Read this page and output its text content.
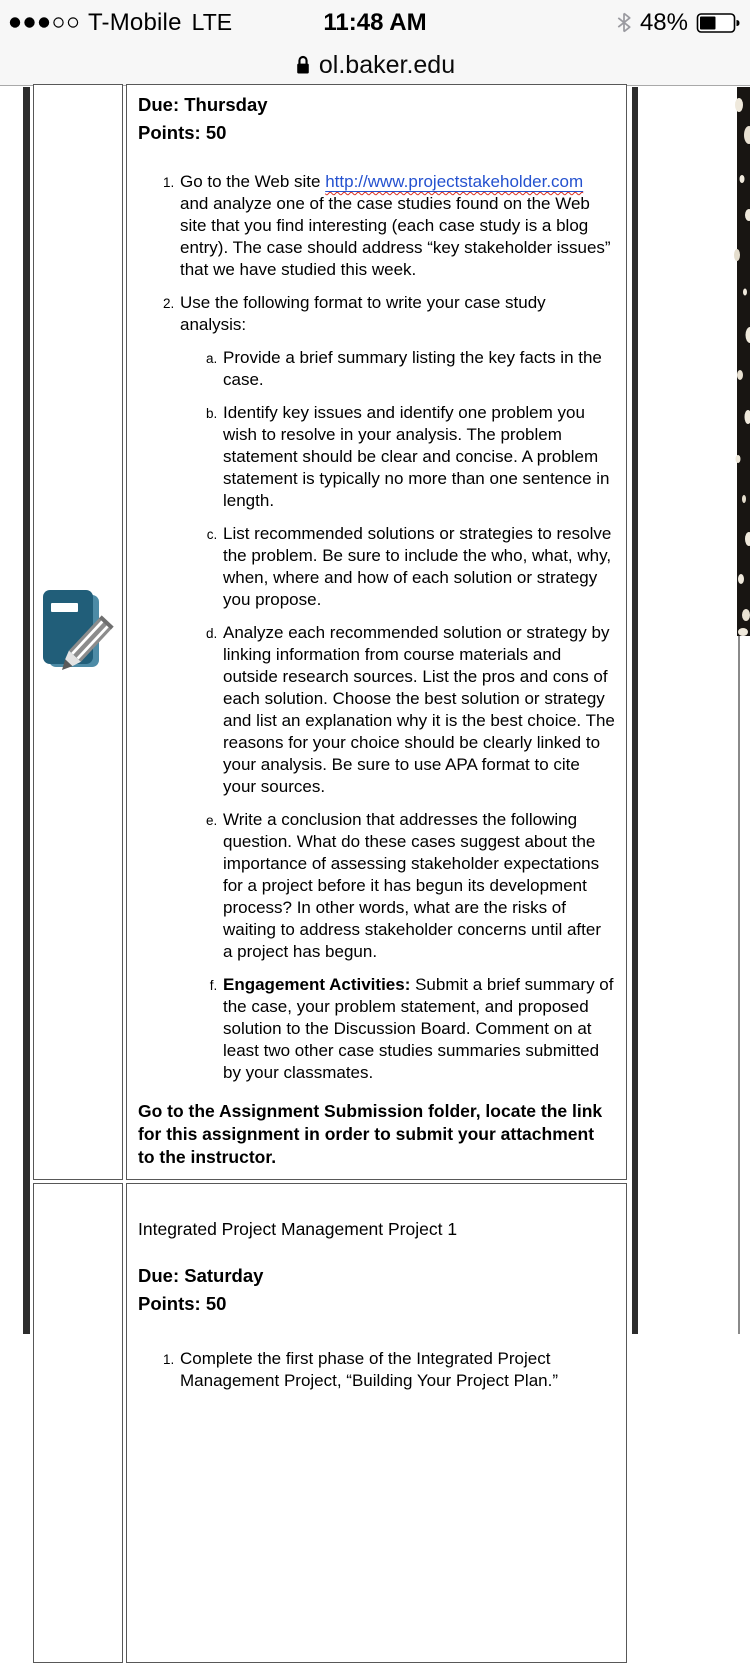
T-Mobile LTE	11:48 AM	48%
ol.baker.edu

Due: Thursday
Points: 50
1. Go to the Web site http://www.projectstakeholder.com and analyze one of the case studies found on the Web site that you find interesting (each case study is a blog entry). The case should address “key stakeholder issues” that we have studied this week.
2. Use the following format to write your case study analysis:
a. Provide a brief summary listing the key facts in the case.
b. Identify key issues and identify one problem you wish to resolve in your analysis. The problem statement should be clear and concise. A problem statement is typically no more than one sentence in length.
c. List recommended solutions or strategies to resolve the problem. Be sure to include the who, what, why, when, where and how of each solution or strategy you propose.
d. Analyze each recommended solution or strategy by linking information from course materials and outside research sources. List the pros and cons of each solution. Choose the best solution or strategy and list an explanation why it is the best choice. The reasons for your choice should be clearly linked to your analysis. Be sure to use APA format to cite your sources.
e. Write a conclusion that addresses the following question. What do these cases suggest about the importance of assessing stakeholder expectations for a project before it has begun its development process? In other words, what are the risks of waiting to address stakeholder concerns until after a project has begun.
f. Engagement Activities: Submit a brief summary of the case, your problem statement, and proposed solution to the Discussion Board. Comment on at least two other case studies summaries submitted by your classmates.

Go to the Assignment Submission folder, locate the link for this assignment in order to submit your attachment to the instructor.

Integrated Project Management Project 1
Due: Saturday
Points: 50
1. Complete the first phase of the Integrated Project Management Project, “Building Your Project Plan.”
